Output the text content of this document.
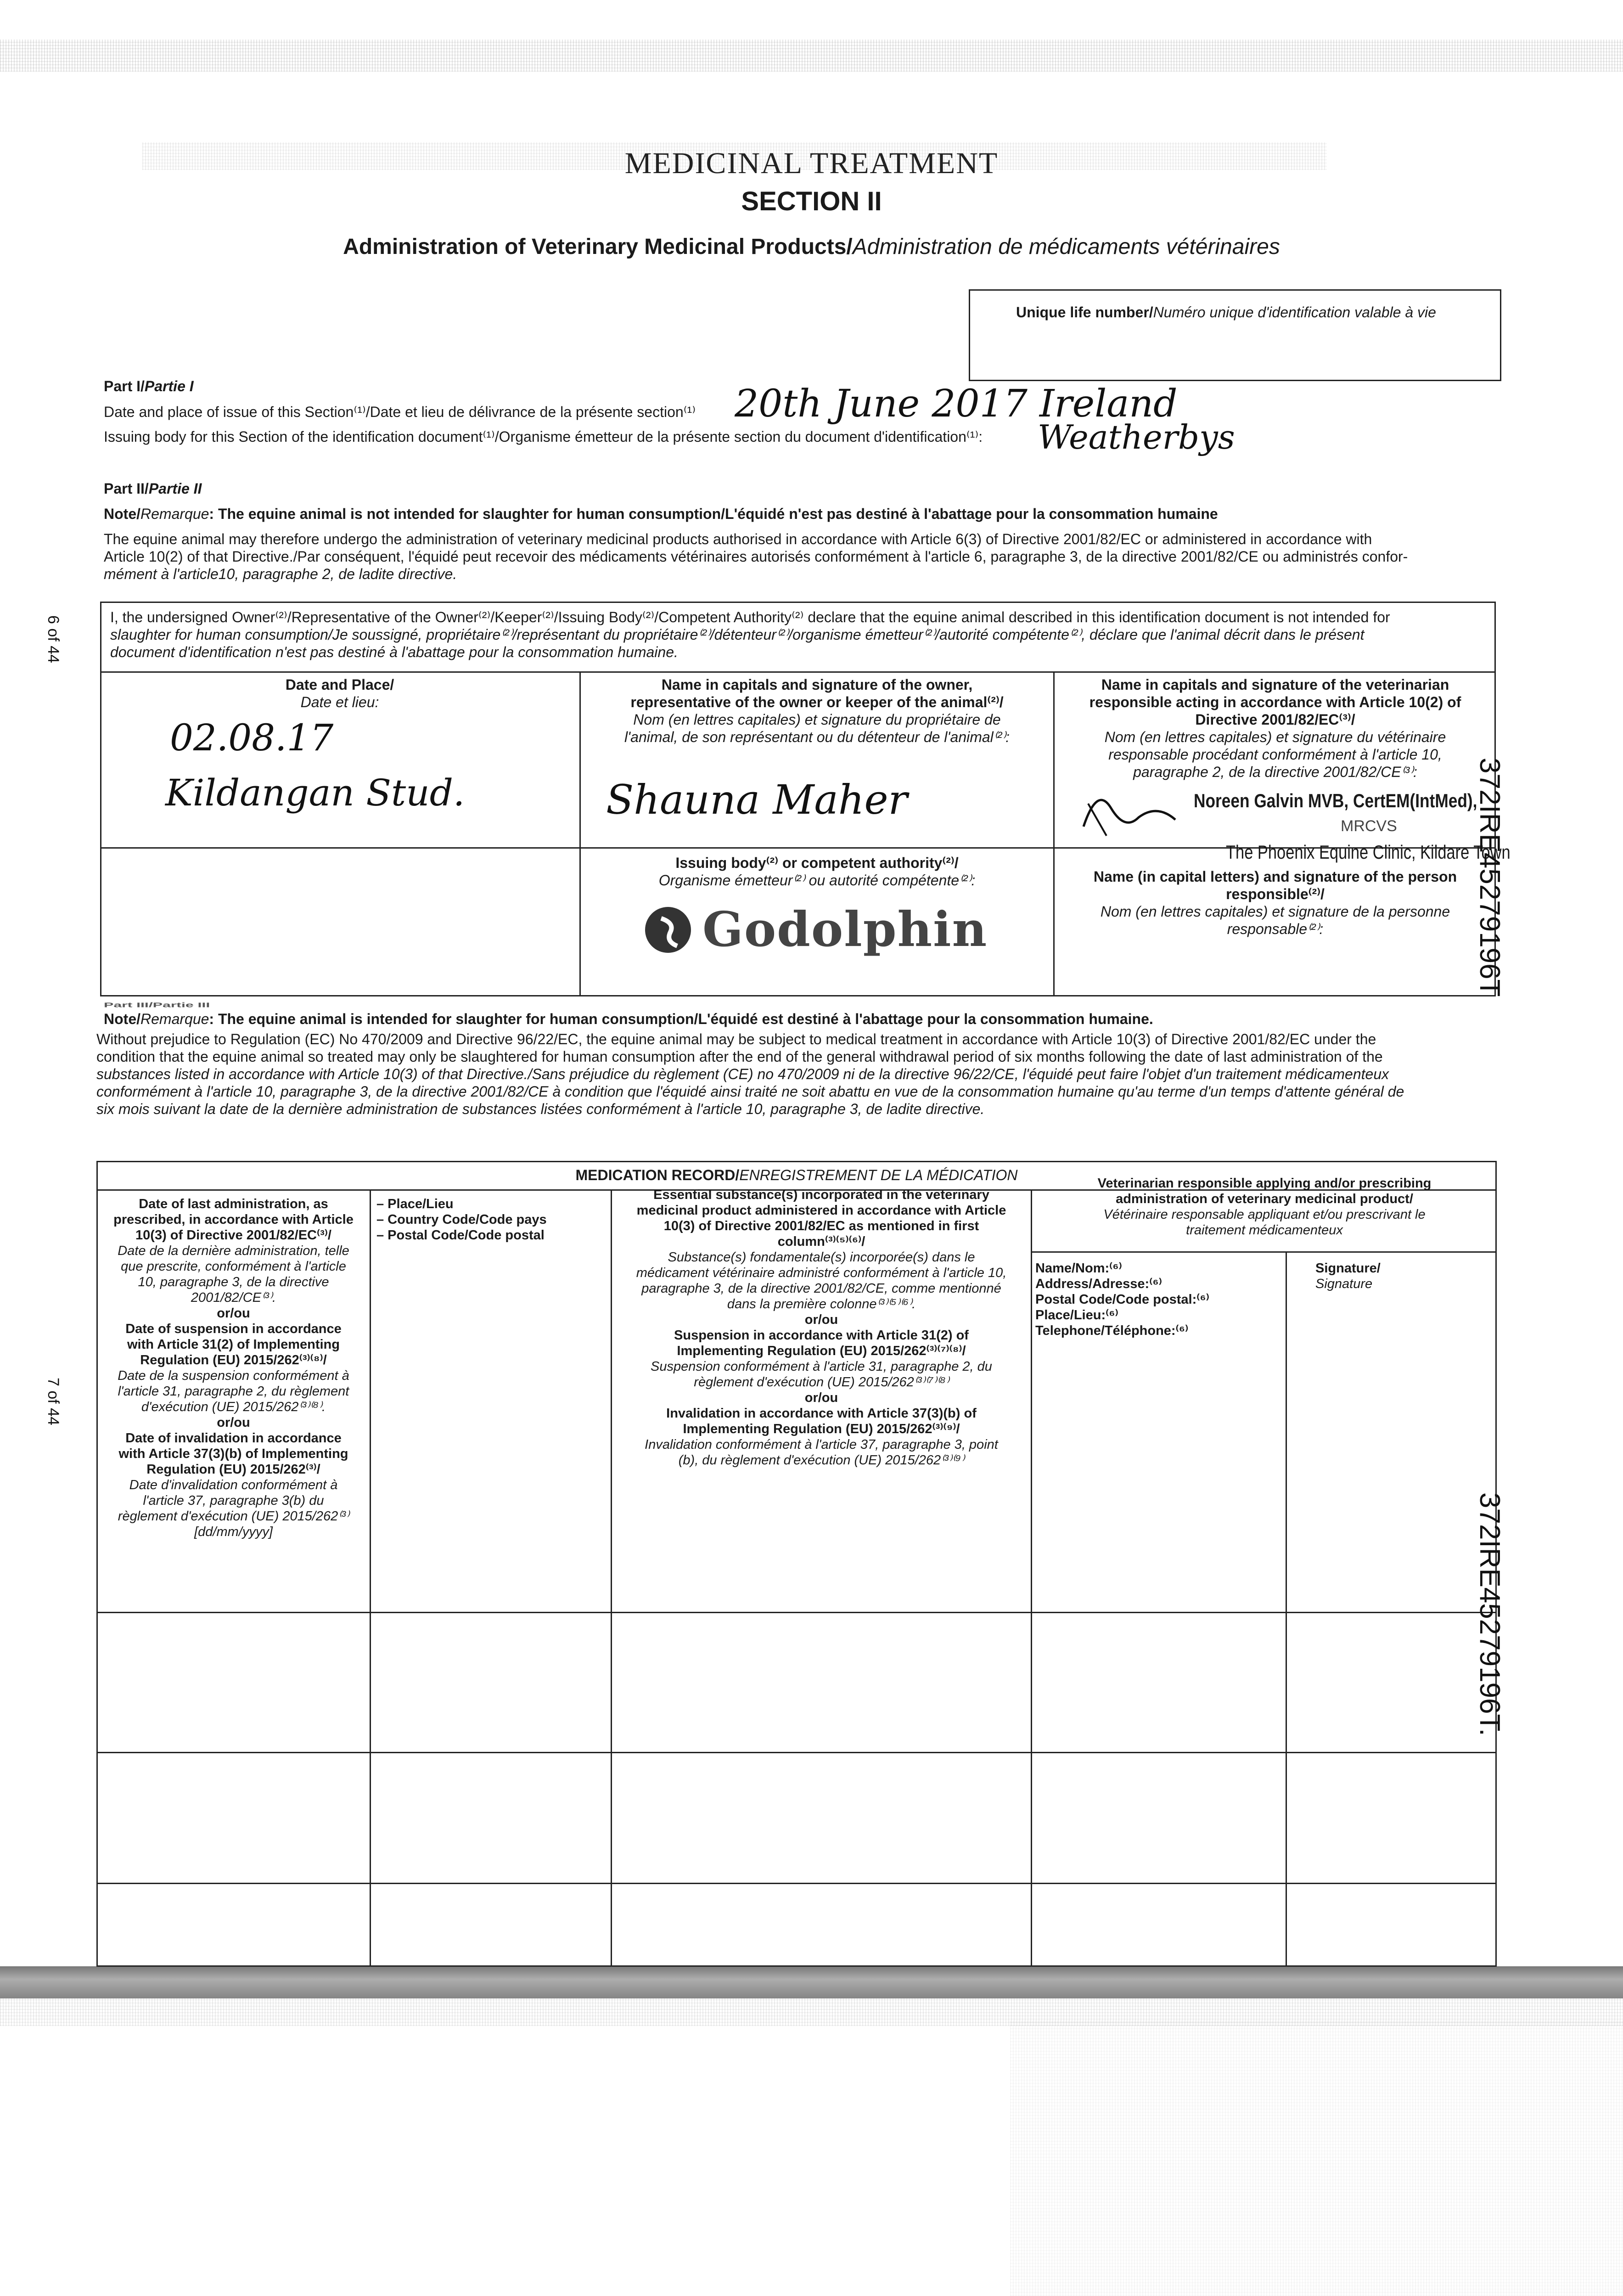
MEDICINAL TREATMENT
SECTION II
Administration of Veterinary Medicinal Products/Administration de médicaments vétérinaires
Unique life number/Numéro unique d'identification valable à vie
Part I/Partie I
Date and place of issue of this Section⁽¹⁾/Date et lieu de délivrance de la présente section⁽¹⁾ 20th June 2017 Ireland
Issuing body for this Section of the identification document⁽¹⁾/Organisme émetteur de la présente section du document d'identification⁽¹⁾: Weatherbys
Part II/Partie II
Note/Remarque: The equine animal is not intended for slaughter for human consumption/L'équidé n'est pas destiné à l'abattage pour la consommation humaine
The equine animal may therefore undergo the administration of veterinary medicinal products authorised in accordance with Article 6(3) of Directive 2001/82/EC or administered in accordance with
Article 10(2) of that Directive./Par conséquent, l'équidé peut recevoir des médicaments vétérinaires autorisés conformément à l'article 6, paragraphe 3, de la directive 2001/82/CE ou administrés confor-
mément à l'article10, paragraphe 2, de ladite directive.
I, the undersigned Owner⁽²⁾/Representative of the Owner⁽²⁾/Keeper⁽²⁾/Issuing Body⁽²⁾/Competent Authority⁽²⁾ declare that the equine animal described in this identification document is not intended for
slaughter for human consumption/Je soussigné, propriétaire⁽²⁾/représentant du propriétaire⁽²⁾/détenteur⁽²⁾/organisme émetteur⁽²⁾/autorité compétente⁽²⁾, déclare que l'animal décrit dans le présent
document d'identification n'est pas destiné à l'abattage pour la consommation humaine.
Date and Place/
Date et lieu:
02.08.17
Kildangan Stud.
Name in capitals and signature of the owner,
representative of the owner or keeper of the animal⁽²⁾/
Nom (en lettres capitales) et signature du propriétaire de
l'animal, de son représentant ou du détenteur de l'animal⁽²⁾:
Shauna Maher
Name in capitals and signature of the veterinarian
responsible acting in accordance with Article 10(2) of
Directive 2001/82/EC⁽³⁾/
Nom (en lettres capitales) et signature du vétérinaire
responsable procédant conformément à l'article 10,
paragraphe 2, de la directive 2001/82/CE⁽³⁾:
Noreen Galvin MVB, CertEM(IntMed),
MRCVS
The Phoenix Equine Clinic, Kildare Town
Issuing body⁽²⁾ or competent authority⁽²⁾/
Organisme émetteur⁽²⁾ ou autorité compétente⁽²⁾:
Godolphin
Name (in capital letters) and signature of the person
responsible⁽²⁾/
Nom (en lettres capitales) et signature de la personne
responsable⁽²⁾:
Part III/Partie III
Note/Remarque: The equine animal is intended for slaughter for human consumption/L'équidé est destiné à l'abattage pour la consommation humaine.
Without prejudice to Regulation (EC) No 470/2009 and Directive 96/22/EC, the equine animal may be subject to medical treatment in accordance with Article 10(3) of Directive 2001/82/EC under the
condition that the equine animal so treated may only be slaughtered for human consumption after the end of the general withdrawal period of six months following the date of last administration of the
substances listed in accordance with Article 10(3) of that Directive./Sans préjudice du règlement (CE) no 470/2009 ni de la directive 96/22/CE, l'équidé peut faire l'objet d'un traitement médicamenteux
conformément à l'article 10, paragraphe 3, de la directive 2001/82/CE à condition que l'équidé ainsi traité ne soit abattu en vue de la consommation humaine qu'au terme d'un temps d'attente général de
six mois suivant la date de la dernière administration de substances listées conformément à l'article 10, paragraphe 3, de ladite directive.
MEDICATION RECORD/ENREGISTREMENT DE LA MÉDICATION
Date of last administration, as
prescribed, in accordance with Article
10(3) of Directive 2001/82/EC⁽³⁾/
Date de la dernière administration, telle
que prescrite, conformément à l'article
10, paragraphe 3, de la directive
2001/82/CE⁽³⁾.
or/ou
Date of suspension in accordance
with Article 31(2) of Implementing
Regulation (EU) 2015/262⁽³⁾⁽⁸⁾/
Date de la suspension conformément à
l'article 31, paragraphe 2, du règlement
d'exécution (UE) 2015/262⁽³⁾⁽⁸⁾.
or/ou
Date of invalidation in accordance
with Article 37(3)(b) of Implementing
Regulation (EU) 2015/262⁽³⁾/
Date d'invalidation conformément à
l'article 37, paragraphe 3(b) du
règlement d'exécution (UE) 2015/262⁽³⁾
[dd/mm/yyyy]
– Place/Lieu
– Country Code/Code pays
– Postal Code/Code postal
Essential substance(s) incorporated in the veterinary
medicinal product administered in accordance with Article
10(3) of Directive 2001/82/EC as mentioned in first
column⁽³⁾⁽⁵⁾⁽⁶⁾/
Substance(s) fondamentale(s) incorporée(s) dans le
médicament vétérinaire administré conformément à l'article 10,
paragraphe 3, de la directive 2001/82/CE, comme mentionné
dans la première colonne⁽³⁾⁽⁵⁾⁽⁶⁾.
or/ou
Suspension in accordance with Article 31(2) of
Implementing Regulation (EU) 2015/262⁽³⁾⁽⁷⁾⁽⁸⁾/
Suspension conformément à l'article 31, paragraphe 2, du
règlement d'exécution (UE) 2015/262⁽³⁾⁽⁷⁾⁽⁸⁾
or/ou
Invalidation in accordance with Article 37(3)(b) of
Implementing Regulation (EU) 2015/262⁽³⁾⁽⁹⁾/
Invalidation conformément à l'article 37, paragraphe 3, point
(b), du règlement d'exécution (UE) 2015/262⁽³⁾⁽⁹⁾
Veterinarian responsible applying and/or prescribing
administration of veterinary medicinal product/
Vétérinaire responsable appliquant et/ou prescrivant le
traitement médicamenteux
Name/Nom:⁽⁶⁾
Address/Adresse:⁽⁶⁾
Postal Code/Code postal:⁽⁶⁾
Place/Lieu:⁽⁶⁾
Telephone/Téléphone:⁽⁶⁾
Signature/
Signature
372IRE452791​96T
372IRE452791​96T.
6 of 44
7 of 44
